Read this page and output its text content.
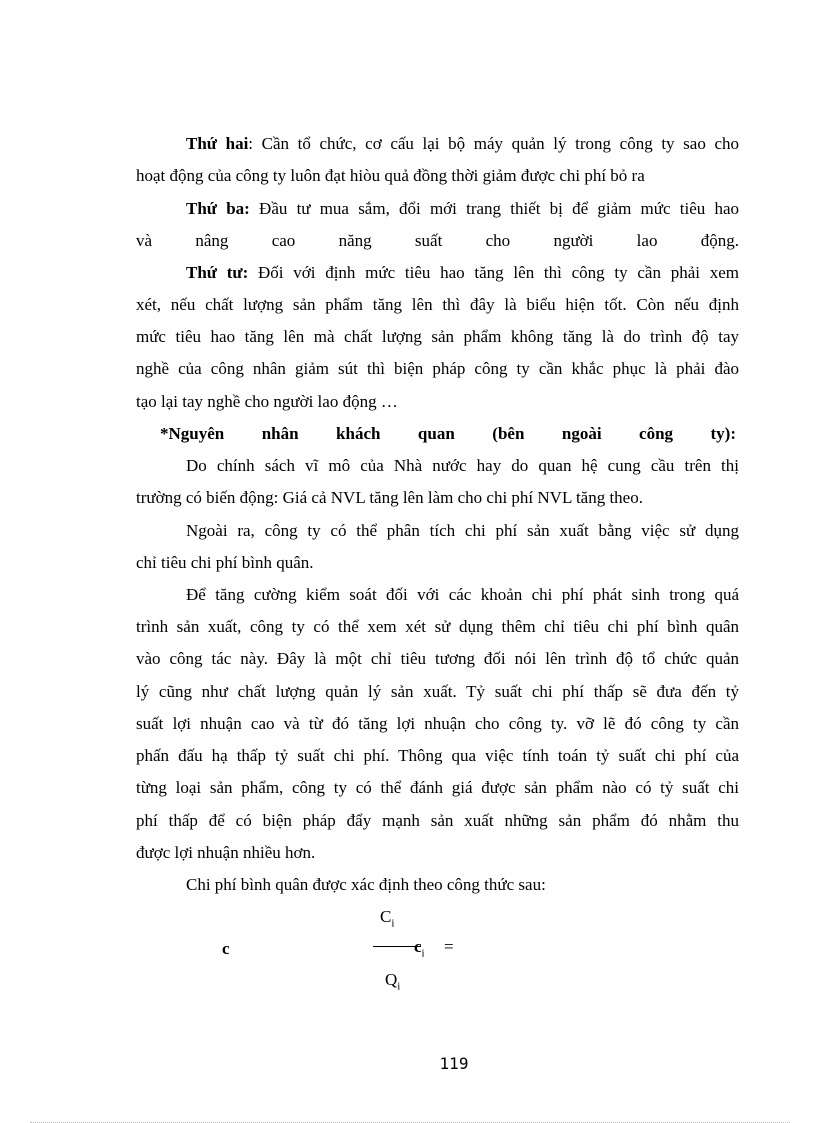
Thứ hai: Cần tổ chức, cơ cấu lại bộ máy quản lý trong công ty sao cho
hoạt động của công ty luôn đạt hiòu quả đồng thời giảm được chi phí bỏ ra
Thứ ba: Đầu tư mua sắm, đổi mới trang thiết bị để giảm mức tiêu hao
và nâng cao năng suất cho người lao động.
Thứ tư: Đối với định mức tiêu hao tăng lên thì công ty cần phải xem
xét, nếu chất lượng sản phẩm tăng lên thì đây là biểu hiện tốt. Còn nếu định
mức tiêu hao tăng lên mà chất lượng sản phẩm không tăng là do trình độ tay
nghề của công nhân giảm sút thì biện pháp công ty cần khắc phục là phải đào
tạo lại tay nghề cho người lao động …
*Nguyên nhân khách quan (bên ngoài công ty):
Do chính sách vĩ mô của Nhà nước hay do quan hệ cung cầu trên thị
trường có biến động: Giá cả NVL tăng lên làm cho chi phí NVL tăng theo.
Ngoài ra, công ty có thể phân tích chi phí sản xuất bằng việc sử dụng
chỉ tiêu chi phí bình quân.
Để tăng cường kiểm soát đối với các khoản chi phí phát sinh trong quá
trình sản xuất, công ty có thể xem xét sử dụng thêm chỉ tiêu chi phí bình quân
vào công tác này. Đây là một chỉ tiêu tương đối nói lên trình độ tổ chức quản
lý cũng như chất lượng quản lý sản xuất. Tỷ suất chi phí thấp sẽ đưa đến tỷ
suất lợi nhuận cao và từ đó tăng lợi nhuận cho công ty. vỡ lẽ đó công ty cần
phấn đấu hạ thấp tỷ suất chi phí. Thông qua việc tính toán tỷ suất chi phí của
từng loại sản phẩm, công ty có thể đánh giá được sản phẩm nào có tỷ suất chi
phí thấp để có biện pháp đẩy mạnh sản xuất những sản phẩm đó nhằm thu
được lợi nhuận nhiều hơn.
Chi phí bình quân được xác định theo công thức sau:
c
$C_i$
$c_i$ =
$Q_i$
119
